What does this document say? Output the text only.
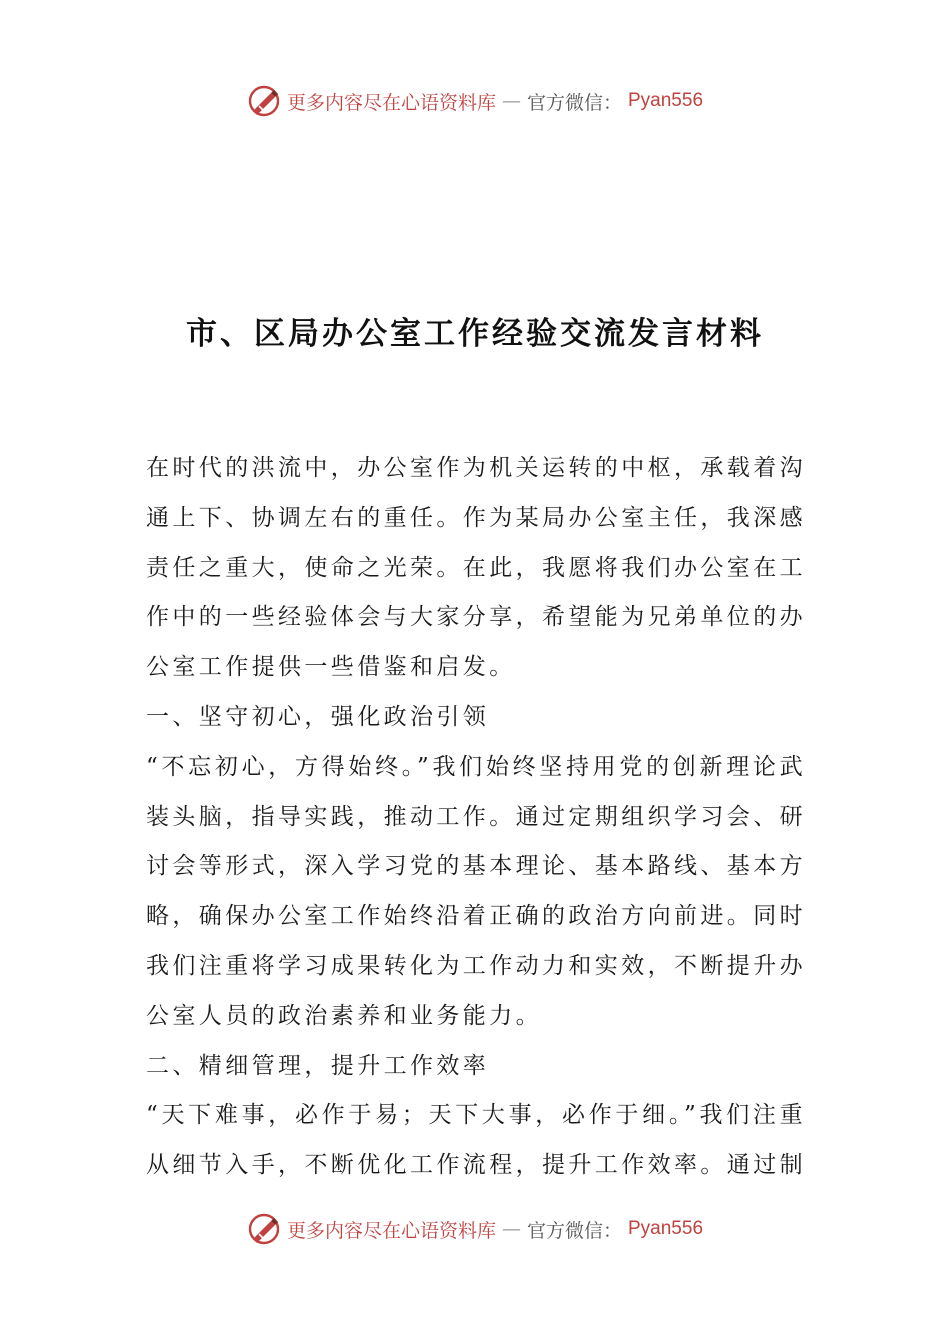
更多内容尽在心语资料库 — 官方微信： Pyan556
市、区局办公室工作经验交流发言材料

在时代的洪流中，办公室作为机关运转的中枢，承载着沟通上下、协调左右的重任。作为某局办公室主任，我深感责任之重大，使命之光荣。在此，我愿将我们办公室在工作中的一些经验体会与大家分享，希望能为兄弟单位的办公室工作提供一些借鉴和启发。

一、坚守初心，强化政治引领

“不忘初心，方得始终。”我们始终坚持用党的创新理论武装头脑，指导实践，推动工作。通过定期组织学习会、研讨会等形式，深入学习党的基本理论、基本路线、基本方略，确保办公室工作始终沿着正确的政治方向前进。同时我们注重将学习成果转化为工作动力和实效，不断提升办公室人员的政治素养和业务能力。

二、精细管理，提升工作效率

“天下难事，必作于易；天下大事，必作于细。”我们注重从细节入手，不断优化工作流程，提升工作效率。通过制

更多内容尽在心语资料库 — 官方微信： Pyan556
